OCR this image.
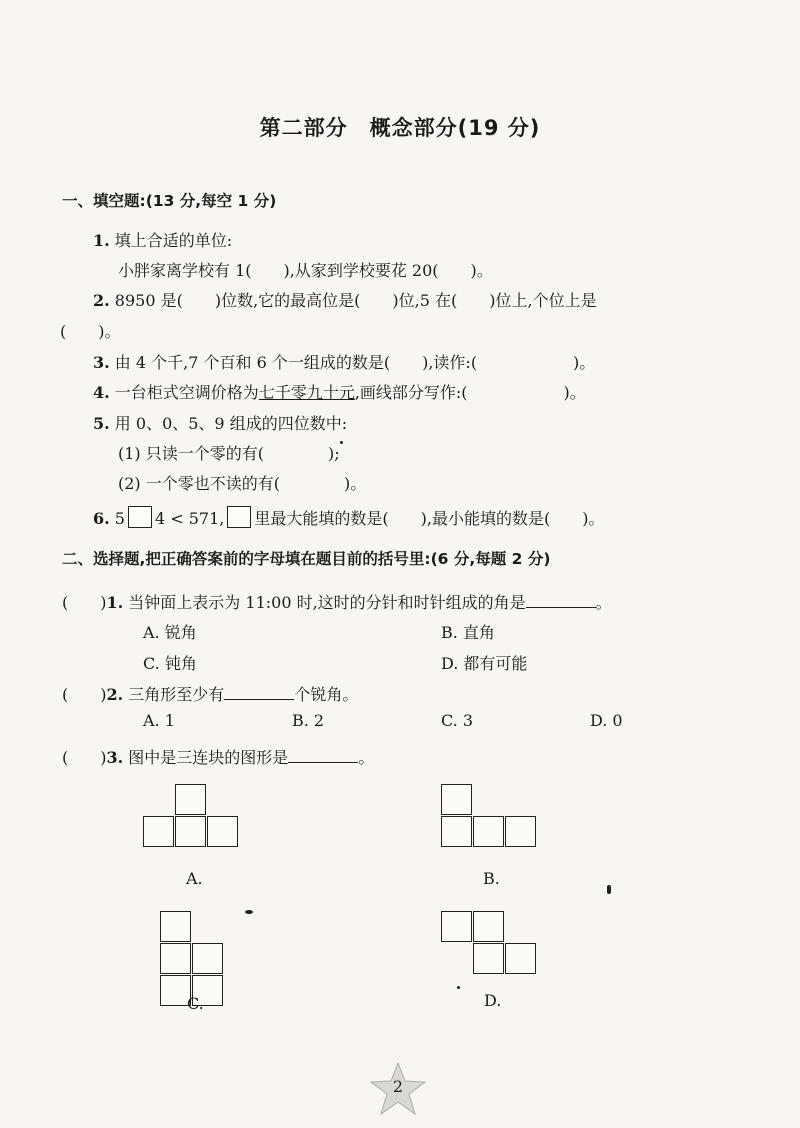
第二部分　概念部分(19 分)
一、填空题:(13 分,每空 1 分)
1. 填上合适的单位:
小胖家离学校有 1(　　),从家到学校要花 20(　　)。
2. 8950 是(　　)位数,它的最高位是(　　)位,5 在(　　)位上,个位上是
(　　)。
3. 由 4 个千,7 个百和 6 个一组成的数是(　　),读作:(　　　　　　)。
4. 一台柜式空调价格为七千零九十元,画线部分写作:(　　　　　　)。
5. 用 0、0、5、9 组成的四位数中:
(1) 只读一个零的有(　　　　);
(2) 一个零也不读的有(　　　　)。
6. 5 4 < 571, 里最大能填的数是(　　),最小能填的数是(　　)。
二、选择题,把正确答案前的字母填在题目前的括号里:(6 分,每题 2 分)
(　　)1. 当钟面上表示为 11:00 时,这时的分针和时针组成的角是	。
A. 锐角	B. 直角
C. 钝角	D. 都有可能
(　　)2. 三角形至少有	个锐角。
A. 1	B. 2	C. 3	D. 0
(　　)3. 图中是三连块的图形是	。
A.	B.
C.	D.
2
